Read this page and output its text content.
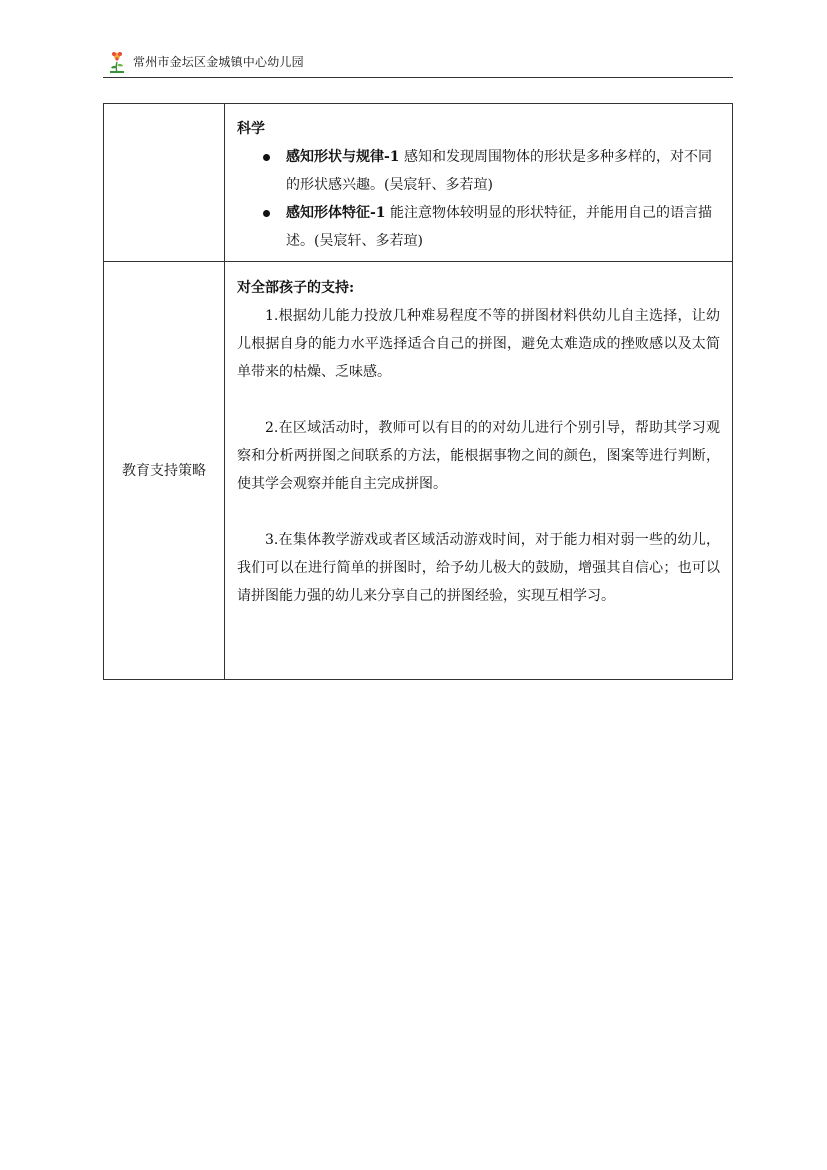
常州市金坛区金城镇中心幼儿园

	科学
感知形状与规律-1 感知和发现周围物体的形状是多种多样的，对不同的形状感兴趣。(吴宸轩、多若瑄)
感知形体特征-1 能注意物体较明显的形状特征，并能用自己的语言描述。(吴宸轩、多若瑄)

教育支持策略	对全部孩子的支持:
1.根据幼儿能力投放几种难易程度不等的拼图材料供幼儿自主选择，让幼儿根据自身的能力水平选择适合自己的拼图，避免太难造成的挫败感以及太简单带来的枯燥、乏味感。
2.在区域活动时，教师可以有目的的对幼儿进行个别引导，帮助其学习观察和分析两拼图之间联系的方法，能根据事物之间的颜色，图案等进行判断，使其学会观察并能自主完成拼图。
3.在集体教学游戏或者区域活动游戏时间，对于能力相对弱一些的幼儿，我们可以在进行简单的拼图时，给予幼儿极大的鼓励，增强其自信心；也可以请拼图能力强的幼儿来分享自己的拼图经验，实现互相学习。
